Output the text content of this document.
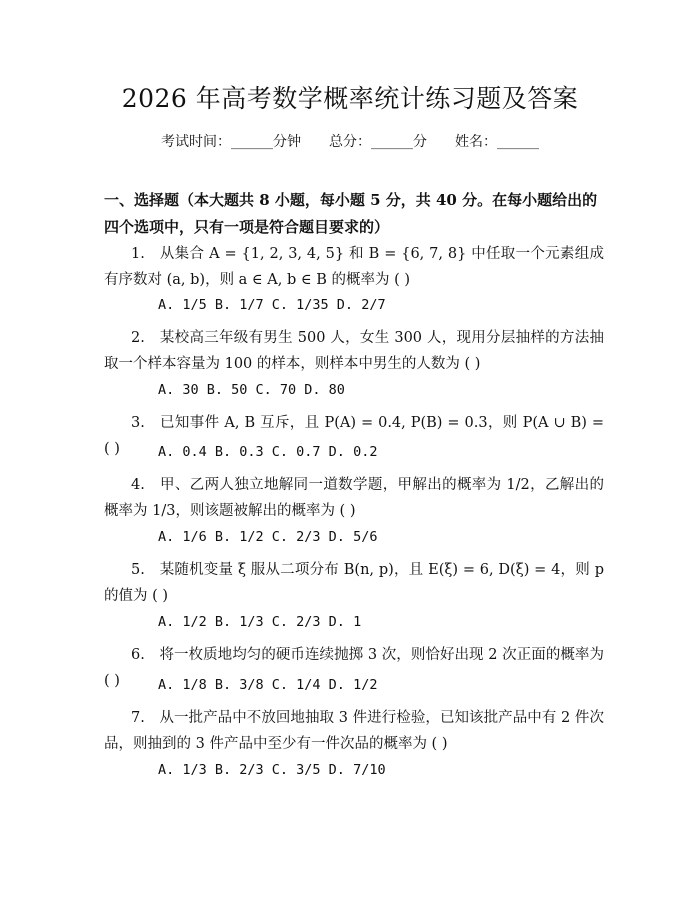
2026 年高考数学概率统计练习题及答案
考试时间：______分钟 总分：______分 姓名：______
一、选择题（本大题共 8 小题，每小题 5 分，共 40 分。在每小题给出的四个选项中，只有一项是符合题目要求的）
1.　从集合 A = {1, 2, 3, 4, 5} 和 B = {6, 7, 8} 中任取一个元素组成有序数对 (a, b)，则 a ∈ A, b ∈ B 的概率为 ( )
A. 1/5 B. 1/7 C. 1/35 D. 2/7
2.　某校高三年级有男生 500 人，女生 300 人，现用分层抽样的方法抽取一个样本容量为 100 的样本，则样本中男生的人数为 ( )
A. 30 B. 50 C. 70 D. 80
3.　已知事件 A, B 互斥，且 P(A) = 0.4, P(B) = 0.3，则 P(A ∪ B) = ( )	A. 0.4 B. 0.3 C. 0.7 D. 0.2
4.　甲、乙两人独立地解同一道数学题，甲解出的概率为 1/2，乙解出的概率为 1/3，则该题被解出的概率为 ( )
A. 1/6 B. 1/2 C. 2/3 D. 5/6
5.　某随机变量 ξ 服从二项分布 B(n, p)，且 E(ξ) = 6, D(ξ) = 4，则 p 的值为 ( )
A. 1/2 B. 1/3 C. 2/3 D. 1
6.　将一枚质地均匀的硬币连续抛掷 3 次，则恰好出现 2 次正面的概率为 ( )	A. 1/8 B. 3/8 C. 1/4 D. 1/2
7.　从一批产品中不放回地抽取 3 件进行检验，已知该批产品中有 2 件次品，则抽到的 3 件产品中至少有一件次品的概率为 ( )
A. 1/3 B. 2/3 C. 3/5 D. 7/10
